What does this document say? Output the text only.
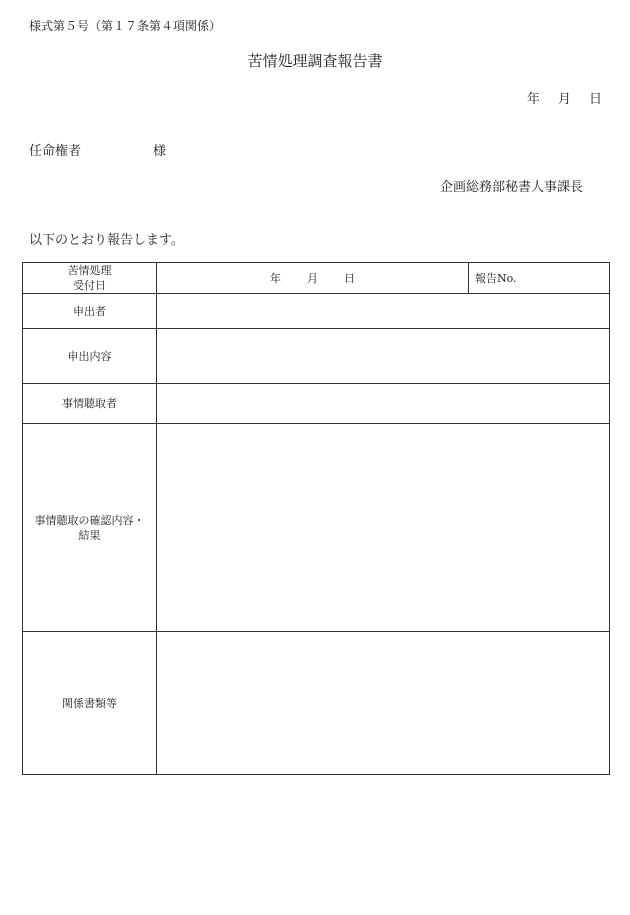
様式第５号（第１７条第４項関係）
苦情処理調査報告書
年 月 日
任命権者	様
企画総務部秘書人事課長
以下のとおり報告します。
苦情処理
受付日	年 月 日	報告No.
申出者		
申出内容		
事情聴取者		

事情聴取の確認内容・
結果		

関係書類等		
